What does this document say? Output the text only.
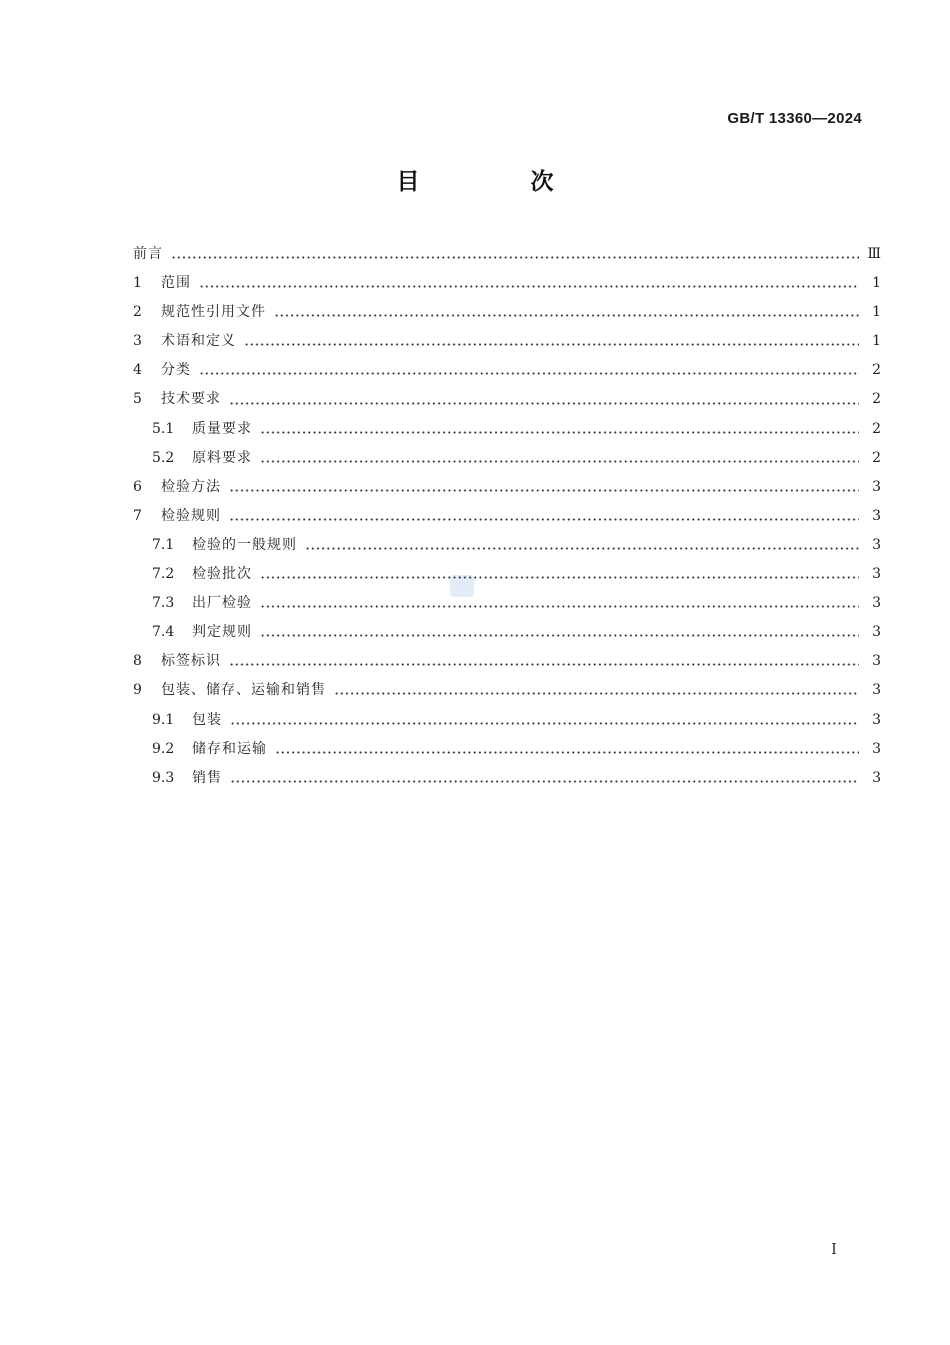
GB/T 13360—2024
目　次
前言	Ⅲ
1	范围	1
2	规范性引用文件	1
3	术语和定义	1
4	分类	2
5	技术要求	2
5.1	质量要求	2
5.2	原料要求	2
6	检验方法	3
7	检验规则	3
7.1	检验的一般规则	3
7.2	检验批次	3
7.3	出厂检验	3
7.4	判定规则	3
8	标签标识	3
9	包装、储存、运输和销售	3
9.1	包装	3
9.2	储存和运输	3
9.3	销售	3
Ⅰ
